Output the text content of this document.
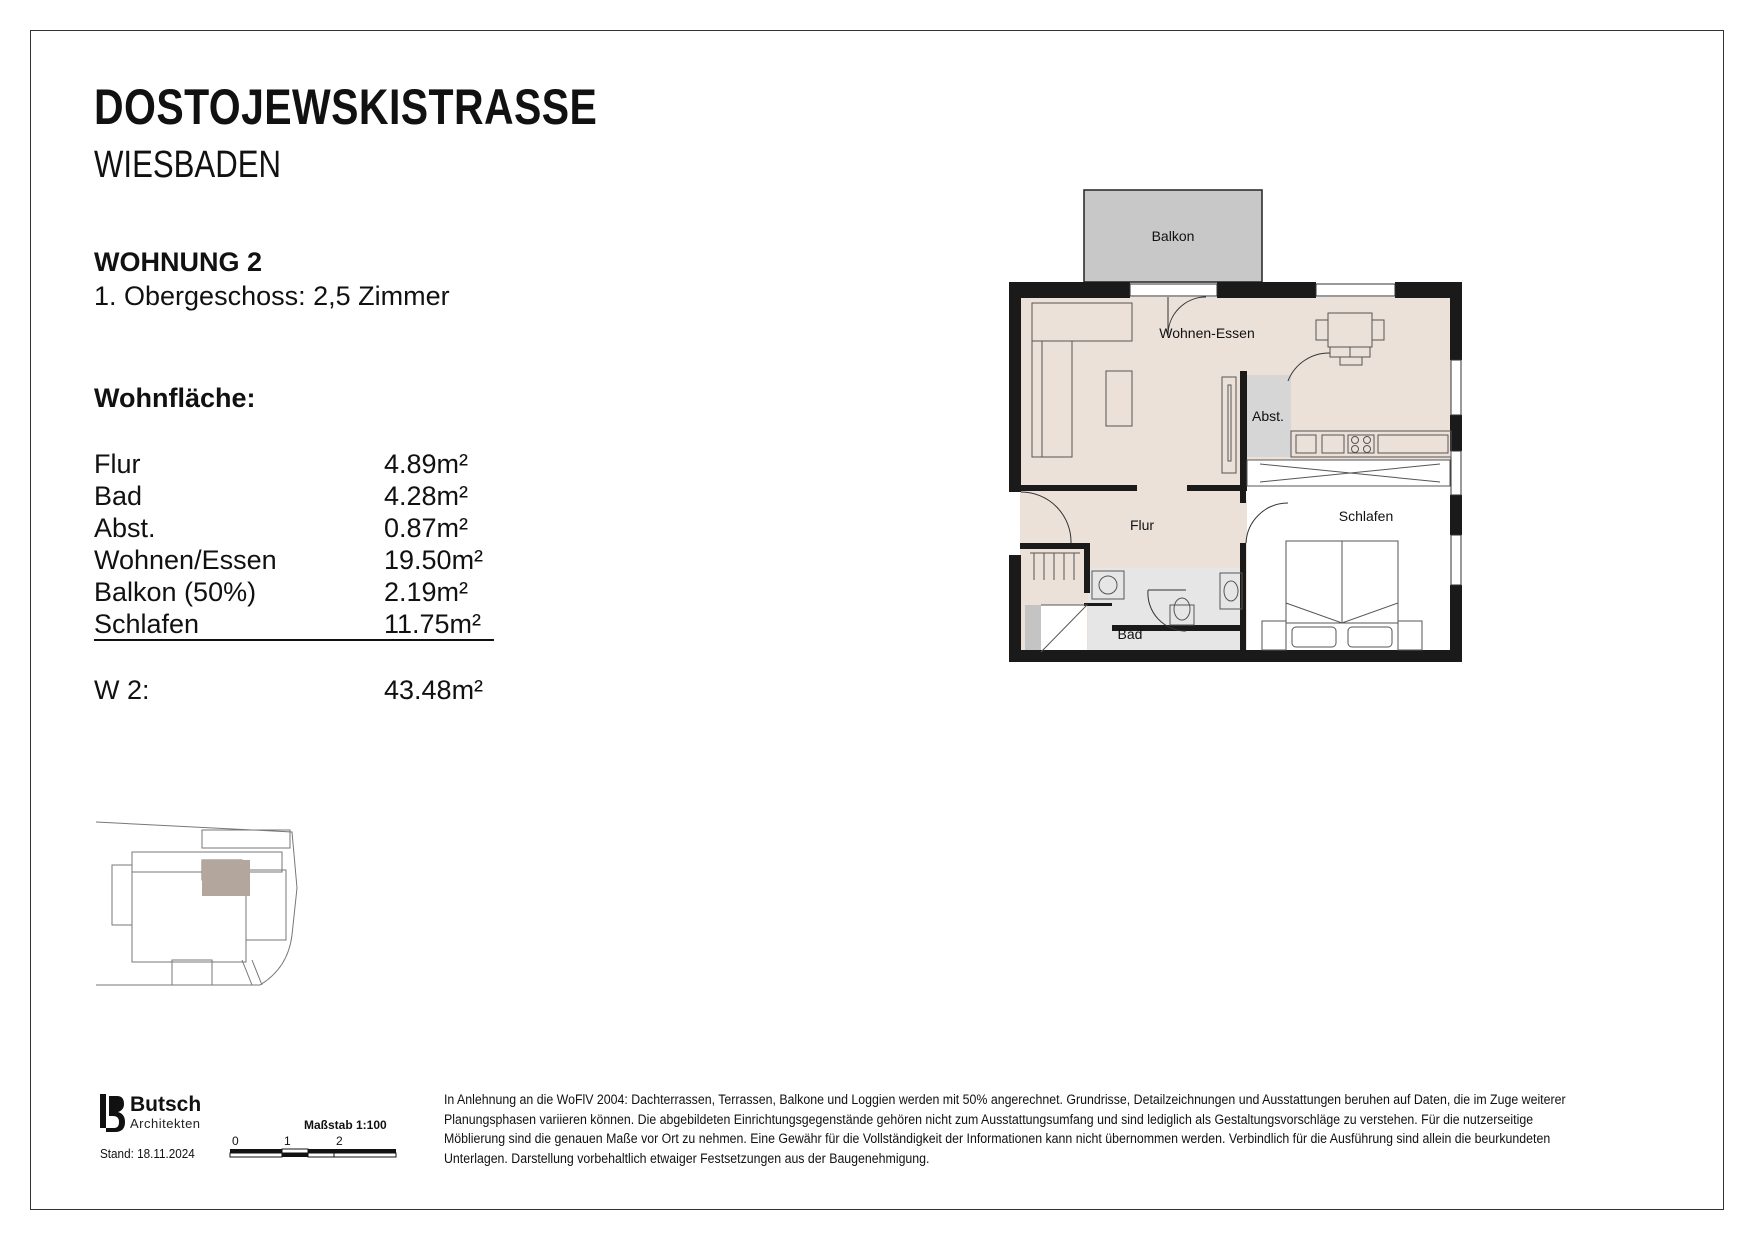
DOSTOJEWSKISTRASSE
WIESBADEN
WOHNUNG 2
1. Obergeschoss: 2,5 Zimmer
Wohnfläche:
Flur	4.89m²
Bad	4.28m²
Abst.	0.87m²
Wohnen/Essen	19.50m²
Balkon (50%)	2.19m²
Schlafen	11.75m²
W 2:	43.48m²
Balkon
Wohnen-Essen
Abst.
Flur
Schlafen
Bad
Butsch
Architekten
Stand: 18.11.2024
Maßstab 1:100
0	1	2
In Anlehnung an die WoFlV 2004: Dachterrassen, Terrassen, Balkone und Loggien werden mit 50% angerechnet. Grundrisse, Detailzeichnungen und Ausstattungen beruhen auf Daten, die im Zuge weiterer Planungsphasen variieren können. Die abgebildeten Einrichtungsgegenstände gehören nicht zum Ausstattungsumfang und sind lediglich als Gestaltungsvorschläge zu verstehen. Für die nutzerseitige Möblierung sind die genauen Maße vor Ort zu nehmen. Eine Gewähr für die Vollständigkeit der Informationen kann nicht übernommen werden. Verbindlich für die Ausführung sind allein die beurkundeten Unterlagen. Darstellung vorbehaltlich etwaiger Festsetzungen aus der Baugenehmigung.
